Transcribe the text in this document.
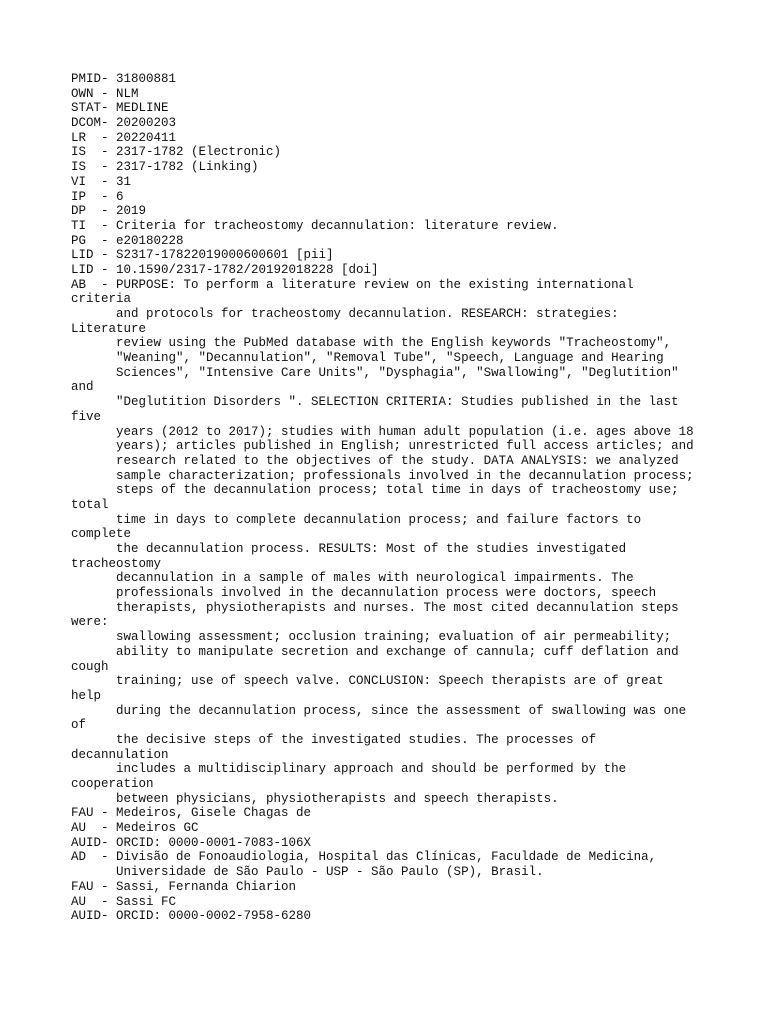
PMID- 31800881
OWN - NLM
STAT- MEDLINE
DCOM- 20200203
LR  - 20220411
IS  - 2317-1782 (Electronic)
IS  - 2317-1782 (Linking)
VI  - 31
IP  - 6
DP  - 2019
TI  - Criteria for tracheostomy decannulation: literature review.
PG  - e20180228
LID - S2317-17822019000600601 [pii]
LID - 10.1590/2317-1782/20192018228 [doi]
AB  - PURPOSE: To perform a literature review on the existing international
criteria
and protocols for tracheostomy decannulation. RESEARCH: strategies:
Literature
review using the PubMed database with the English keywords "Tracheostomy",
"Weaning", "Decannulation", "Removal Tube", "Speech, Language and Hearing
Sciences", "Intensive Care Units", "Dysphagia", "Swallowing", "Deglutition"
and
"Deglutition Disorders ". SELECTION CRITERIA: Studies published in the last
five
years (2012 to 2017); studies with human adult population (i.e. ages above 18
years); articles published in English; unrestricted full access articles; and
research related to the objectives of the study. DATA ANALYSIS: we analyzed
sample characterization; professionals involved in the decannulation process;
steps of the decannulation process; total time in days of tracheostomy use;
total
time in days to complete decannulation process; and failure factors to
complete
the decannulation process. RESULTS: Most of the studies investigated
tracheostomy
decannulation in a sample of males with neurological impairments. The
professionals involved in the decannulation process were doctors, speech
therapists, physiotherapists and nurses. The most cited decannulation steps
were:
swallowing assessment; occlusion training; evaluation of air permeability;
ability to manipulate secretion and exchange of cannula; cuff deflation and
cough
training; use of speech valve. CONCLUSION: Speech therapists are of great
help
during the decannulation process, since the assessment of swallowing was one
of
the decisive steps of the investigated studies. The processes of
decannulation
includes a multidisciplinary approach and should be performed by the
cooperation
between physicians, physiotherapists and speech therapists.
FAU - Medeiros, Gisele Chagas de
AU  - Medeiros GC
AUID- ORCID: 0000-0001-7083-106X
AD  - Divisão de Fonoaudiologia, Hospital das Clínicas, Faculdade de Medicina,
Universidade de São Paulo - USP - São Paulo (SP), Brasil.
FAU - Sassi, Fernanda Chiarion
AU  - Sassi FC
AUID- ORCID: 0000-0002-7958-6280
